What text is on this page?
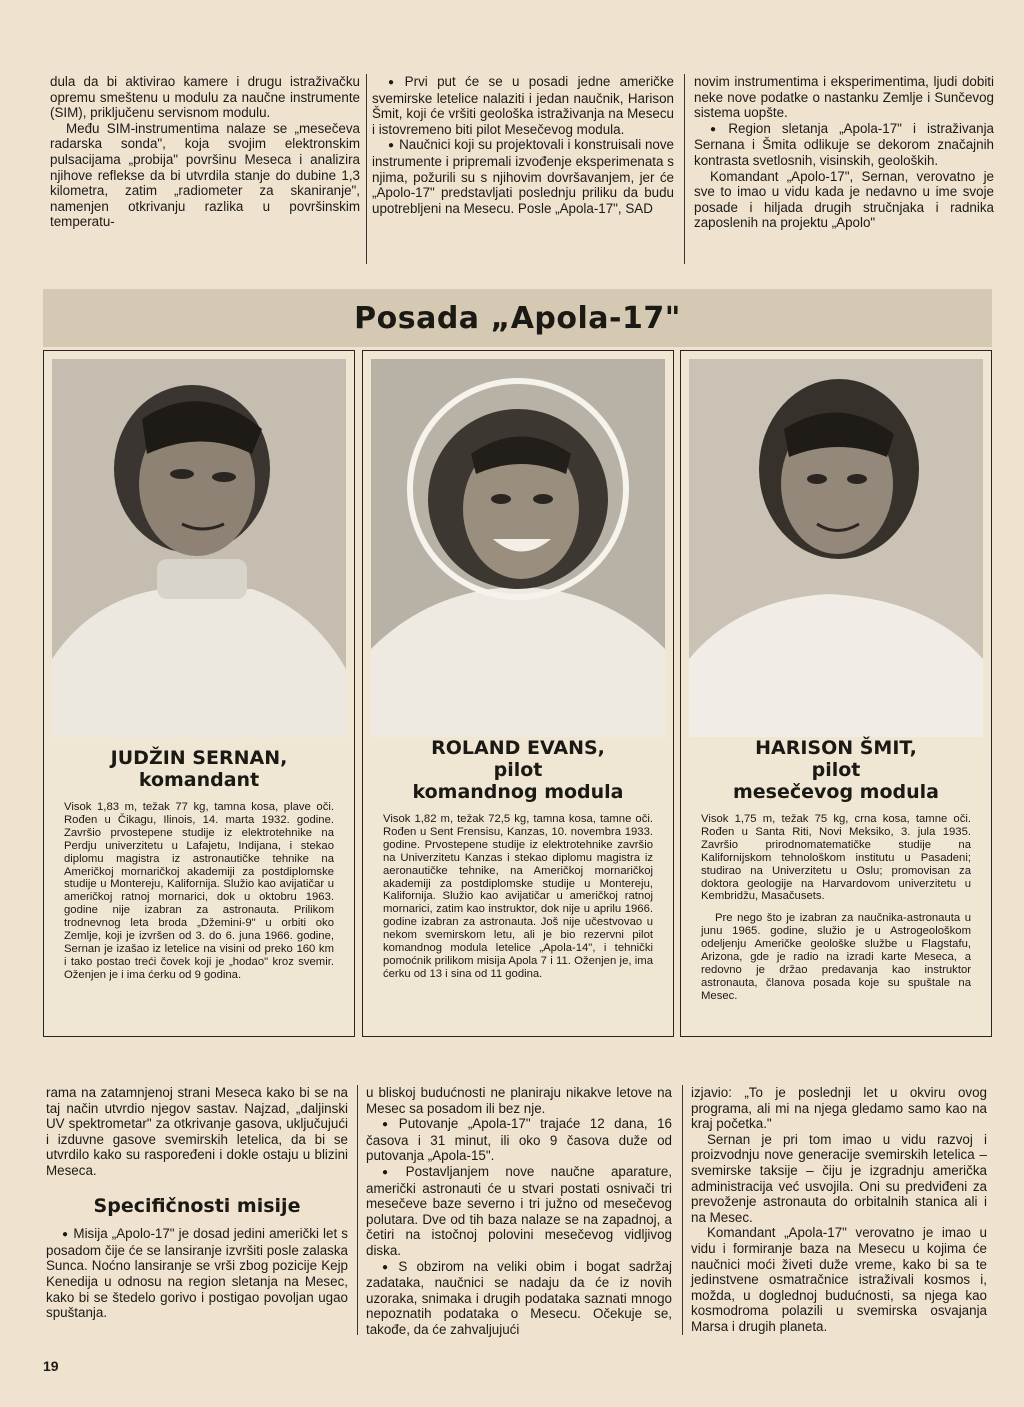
dula da bi aktivirao kamere i drugu istraživačku opremu smeštenu u modulu za naučne instrumente (SIM), priključenu servisnom modulu.

Među SIM-instrumentima nalaze se „mesečeva radarska sonda", koja svojim elektronskim pulsacijama „probija" površinu Meseca i analizira njihove reflekse da bi utvrdila stanje do dubine 1,3 kilometra, zatim „radiometer za skaniranje", namenjen otkrivanju razlika u površinskim temperatu-

● Prvi put će se u posadi jedne američke svemirske letelice nalaziti i jedan naučnik, Harison Šmit, koji će vršiti geološka istraživanja na Mesecu i istovremeno biti pilot Mesečevog modula.

● Naučnici koji su projektovali i konstruisali nove instrumente i pripremali izvođenje eksperimenata s njima, požurili su s njihovim dovršavanjem, jer će „Apolo-17" predstavljati poslednju priliku da budu upotrebljeni na Mesecu. Posle „Apola-17", SAD

novim instrumentima i eksperimentima, ljudi dobiti neke nove podatke o nastanku Zemlje i Sunčevog sistema uopšte.

● Region sletanja „Apola-17" i istraživanja Sernana i Šmita odlikuje se dekorom značajnih kontrasta svetlosnih, visinskih, geoloških.

Komandant „Apolo-17", Sernan, verovatno je sve to imao u vidu kada je nedavno u ime svoje posade i hiljada drugih stručnjaka i radnika zaposlenih na projektu „Apolo"

Posada „Apola-17"
JUDŽIN SERNAN,
komandant

Visok 1,83 m, težak 77 kg, tamna kosa, plave oči. Rođen u Čikagu, Ilinois, 14. marta 1932. godine. Završio prvostepene studije iz elektrotehnike na Perdju univerzitetu u Lafajetu, Indijana, i stekao diplomu magistra iz astronautičke tehnike na Američkoj mornaričkoj akademiji za postdiplomske studije u Montereju, Kalifornija. Služio kao avijatičar u američkoj ratnoj mornarici, dok u oktobru 1963. godine nije izabran za astronauta. Prilikom trodnevnog leta broda „Džemini-9" u orbiti oko Zemlje, koji je izvršen od 3. do 6. juna 1966. godine, Sernan je izašao iz letelice na visini od preko 160 km i tako postao treći čovek koji je „hodao" kroz svemir. Oženjen je i ima ćerku od 9 godina.

ROLAND EVANS,
pilot
komandnog modula

Visok 1,82 m, težak 72,5 kg, tamna kosa, tamne oči. Rođen u Sent Frensisu, Kanzas, 10. novembra 1933. godine. Prvostepene studije iz elektrotehnike završio na Univerzitetu Kanzas i stekao diplomu magistra iz aeronautičke tehnike, na Američkoj mornaričkoj akademiji za postdiplomske studije u Montereju, Kalifornija. Služio kao avijatičar u američkoj ratnoj mornarici, zatim kao instruktor, dok nije u aprilu 1966. godine izabran za astronauta. Još nije učestvovao u nekom svemirskom letu, ali je bio rezervni pilot komandnog modula letelice „Apola-14", i tehnički pomoćnik prilikom misija Apola 7 i 11. Oženjen je, ima ćerku od 13 i sina od 11 godina.

HARISON ŠMIT,
pilot
mesečevog modula

Visok 1,75 m, težak 75 kg, crna kosa, tamne oči. Rođen u Santa Riti, Novi Meksiko, 3. jula 1935. Završio prirodnomatematičke studije na Kalifornijskom tehnološkom institutu u Pasadeni; studirao na Univerzitetu u Oslu; promovisan za doktora geologije na Harvardovom univerzitetu u Kembridžu, Masačusets.

Pre nego što je izabran za naučnika-astronauta u junu 1965. godine, služio je u Astrogeološkom odeljenju Američke geološke službe u Flagstafu, Arizona, gde je radio na izradi karte Meseca, a redovno je držao predavanja kao instruktor astronauta, članova posada koje su spuštale na Mesec.

rama na zatamnjenoj strani Meseca kako bi se na taj način utvrdio njegov sastav. Najzad, „daljinski UV spektrometar" za otkrivanje gasova, uključujući i izduvne gasove svemirskih letelica, da bi se utvrdilo kako su raspoređeni i dokle ostaju u blizini Meseca.

Specifičnosti misije

● Misija „Apolo-17" je dosad jedini američki let s posadom čije će se lansiranje izvršiti posle zalaska Sunca. Noćno lansiranje se vrši zbog pozicije Kejp Kenedija u odnosu na region sletanja na Mesec, kako bi se štedelo gorivo i postigao povoljan ugao spuštanja.

u bliskoj budućnosti ne planiraju nikakve letove na Mesec sa posadom ili bez nje.

● Putovanje „Apola-17" trajaće 12 dana, 16 časova i 31 minut, ili oko 9 časova duže od putovanja „Apola-15".

● Postavljanjem nove naučne aparature, američki astronauti će u stvari postati osnivači tri mesečeve baze severno i tri južno od mesečevog polutara. Dve od tih baza nalaze se na zapadnoj, a četiri na istočnoj polovini mesečevog vidljivog diska.

● S obzirom na veliki obim i bogat sadržaj zadataka, naučnici se nadaju da će iz novih uzoraka, snimaka i drugih podataka saznati mnogo nepoznatih podataka o Mesecu. Očekuje se, takođe, da će zahvaljujući

izjavio: „To je poslednji let u okviru ovog programa, ali mi na njega gledamo samo kao na kraj početka."

Sernan je pri tom imao u vidu razvoj i proizvodnju nove generacije svemirskih letelica – svemirske taksije – čiju je izgradnju američka administracija već usvojila. Oni su predviđeni za prevoženje astronauta do orbitalnih stanica ali i na Mesec.

Komandant „Apola-17" verovatno je imao u vidu i formiranje baza na Mesecu u kojima će naučnici moći živeti duže vreme, kako bi sa te jedinstvene osmatračnice istraživali kosmos i, možda, u doglednoj budućnosti, sa njega kao kosmodroma polazili u svemirska osvajanja Marsa i drugih planeta.

19
